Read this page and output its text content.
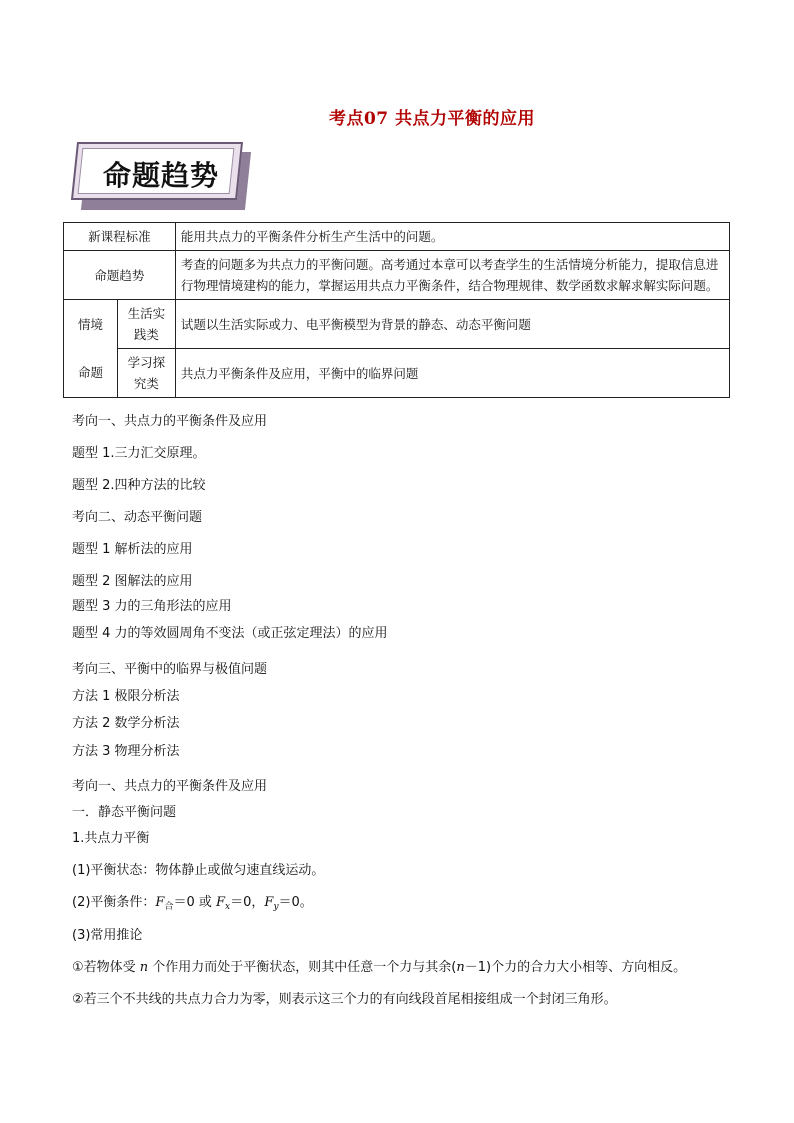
考点07 共点力平衡的应用
命题趋势
新课程标准		能用共点力的平衡条件分析生产生活中的问题。
命题趋势		考查的问题多为共点力的平衡问题。高考通过本章可以考查学生的生活情境分析能力，提取信息进行物理情境建构的能力，掌握运用共点力平衡条件，结合物理规律、数学函数求解求解实际问题。
情境	生活实践类	试题以生活实际或力、电平衡模型为背景的静态、动态平衡问题
命题	学习探究类	共点力平衡条件及应用，平衡中的临界问题
考向一、共点力的平衡条件及应用
题型 1.三力汇交原理。
题型 2.四种方法的比较
考向二、动态平衡问题
题型 1 解析法的应用
题型 2 图解法的应用
题型 3 力的三角形法的应用
题型 4 力的等效圆周角不变法（或正弦定理法）的应用
考向三、平衡中的临界与极值问题
方法 1 极限分析法
方法 2 数学分析法
方法 3 物理分析法
考向一、共点力的平衡条件及应用
一．静态平衡问题
1.共点力平衡
(1)平衡状态：物体静止或做匀速直线运动。
(2)平衡条件：$F_合=0$ 或 $F_x=0$，$F_y=0$。
(3)常用推论
①若物体受 n 个作用力而处于平衡状态，则其中任意一个力与其余(n－1)个力的合力大小相等、方向相反。
②若三个不共线的共点力合力为零，则表示这三个力的有向线段首尾相接组成一个封闭三角形。
